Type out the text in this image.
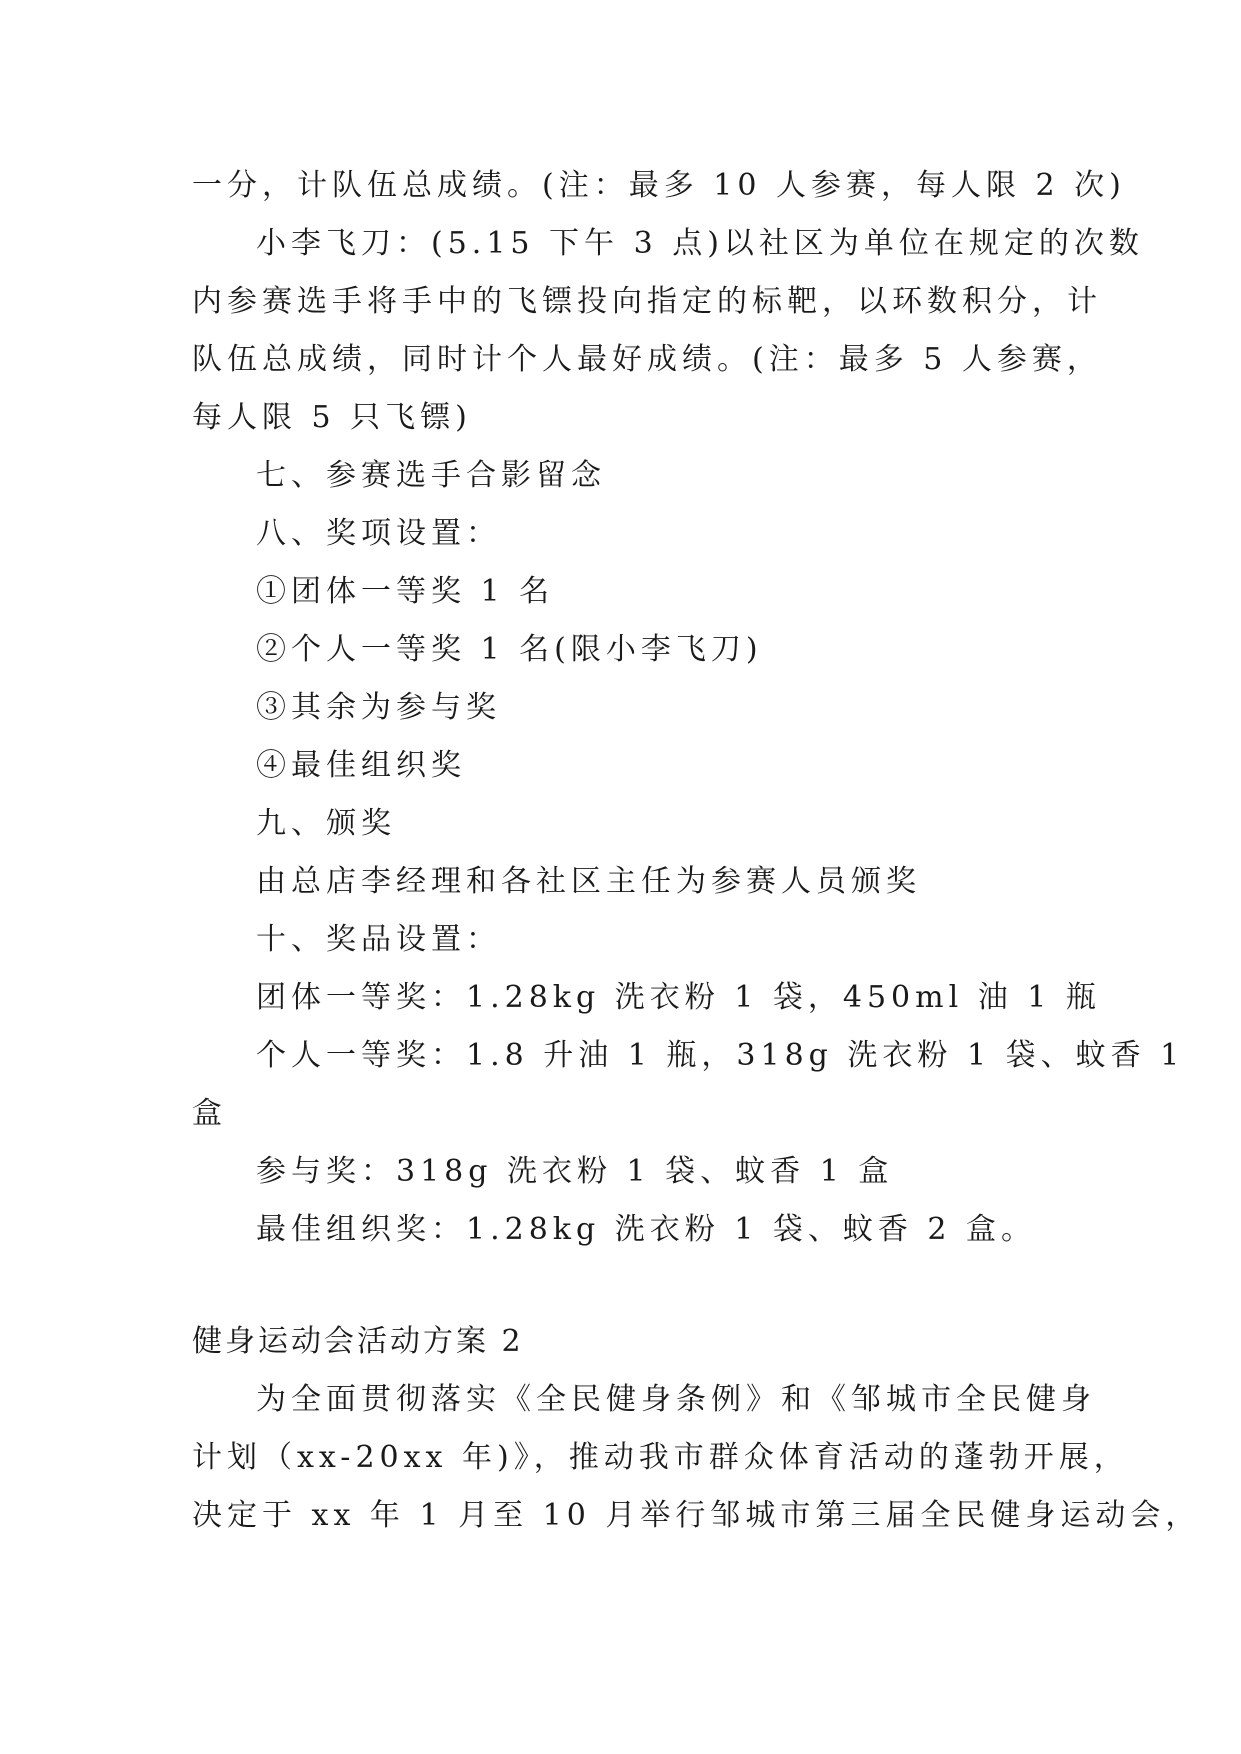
一分，计队伍总成绩。(注：最多 10 人参赛，每人限 2 次)
小李飞刀：(5.15 下午 3 点)以社区为单位在规定的次数
内参赛选手将手中的飞镖投向指定的标靶，以环数积分，计
队伍总成绩，同时计个人最好成绩。(注：最多 5 人参赛，
每人限 5 只飞镖)
七、参赛选手合影留念
八、奖项设置：
①团体一等奖 1 名
②个人一等奖 1 名(限小李飞刀)
③其余为参与奖
④最佳组织奖
九、颁奖
由总店李经理和各社区主任为参赛人员颁奖
十、奖品设置：
团体一等奖：1.28kg 洗衣粉 1 袋，450ml 油 1 瓶
个人一等奖：1.8 升油 1 瓶，318g 洗衣粉 1 袋、蚊香 1
盒
参与奖：318g 洗衣粉 1 袋、蚊香 1 盒
最佳组织奖：1.28kg 洗衣粉 1 袋、蚊香 2 盒。
健身运动会活动方案 2
为全面贯彻落实《全民健身条例》和《邹城市全民健身
计划（xx-20xx 年)》，推动我市群众体育活动的蓬勃开展，
决定于 xx 年 1 月至 10 月举行邹城市第三届全民健身运动会，
